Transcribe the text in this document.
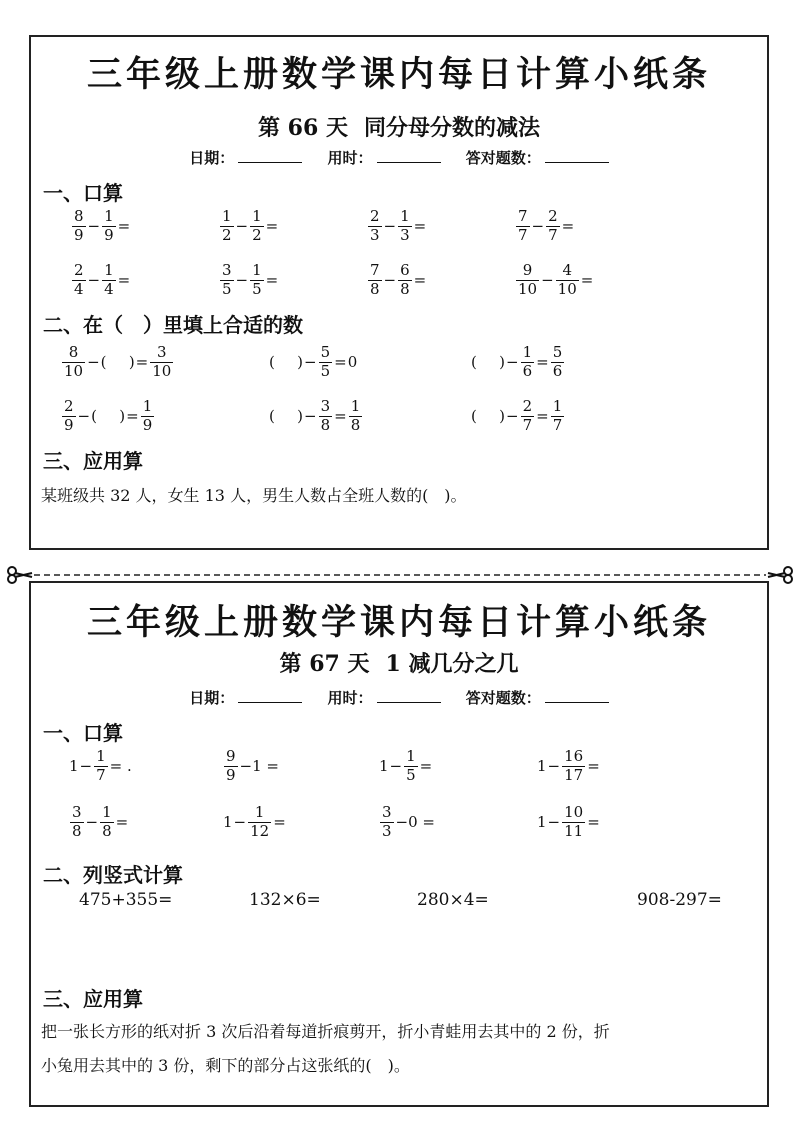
三年级上册数学课内每日计算小纸条
第 66 天 同分母分数的减法
日期：	用时：	答对题数：
一、口算
$\frac{8}{9} - \frac{1}{9}$ =	$\frac{1}{2} - \frac{1}{2}$ =	$\frac{2}{3} - \frac{1}{3}$ =	$\frac{7}{7} - \frac{2}{7}$ =
$\frac{2}{4} - \frac{1}{4}$ =	$\frac{3}{5} - \frac{1}{5}$ =	$\frac{7}{8} - \frac{6}{8}$ =	$\frac{9}{10} - \frac{4}{10}$ =
二、在（　）里填上合适的数
$\frac{8}{10}$ − ( ) = $\frac{3}{10}$	( ) − $\frac{5}{5} = 0$	( ) − $\frac{1}{6} = \frac{5}{6}$
$\frac{2}{9}$ − ( ) = $\frac{1}{9}$	( ) − $\frac{3}{8} = \frac{1}{8}$	( ) − $\frac{2}{7} = \frac{1}{7}$
三、应用算
某班级共 32 人，女生 13 人，男生人数占全班人数的(　)。
三年级上册数学课内每日计算小纸条
第 67 天 1 减几分之几
日期：	用时：	答对题数：
一、口算
$1 - \frac{1}{7}$ = .	$\frac{9}{9} -1$ =	$1 - \frac{1}{5}$ =	$1 - \frac{16}{17}$ =
$\frac{3}{8} - \frac{1}{8}$ =	$1 - \frac{1}{12}$ =	$\frac{3}{3} -0$ =	$1 - \frac{10}{11}$ =
二、列竖式计算
475+355=	132×6=	280×4=	908-297=
三、应用算
把一张长方形的纸对折 3 次后沿着每道折痕剪开，折小青蛙用去其中的 2 份，折
小兔用去其中的 3 份，剩下的部分占这张纸的(　)。
